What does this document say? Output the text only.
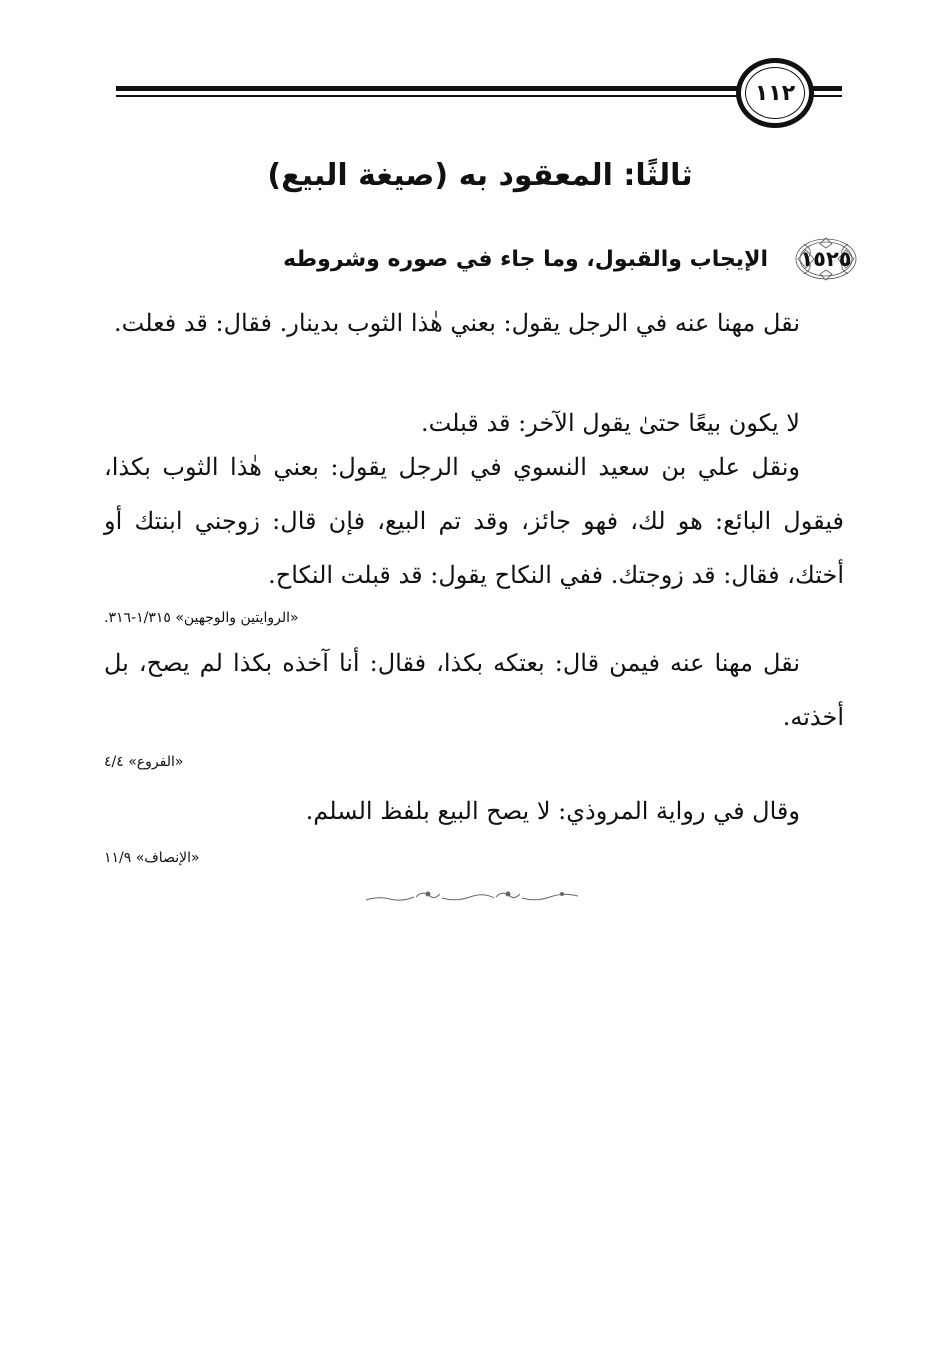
١١٢
ثالثًا: المعقود به (صيغة البيع)
١٥٢٥
الإيجاب والقبول، وما جاء في صوره وشروطه

نقل مهنا عنه في الرجل يقول: بعني هٰذا الثوب بدينار. فقال: قد فعلت.

لا يكون بيعًا حتىٰ يقول الآخر: قد قبلت.

ونقل علي بن سعيد النسوي في الرجل يقول: بعني هٰذا الثوب بكذا، فيقول البائع: هو لك، فهو جائز، وقد تم البيع، فإن قال: زوجني ابنتك أو أختك، فقال: قد زوجتك. ففي النكاح يقول: قد قبلت النكاح.

«الروايتين والوجهين» ١/٣١٥-٣١٦.

نقل مهنا عنه فيمن قال: بعتكه بكذا، فقال: أنا آخذه بكذا لم يصح، بل أخذته.

«الفروع» ٤/٤

وقال في رواية المروذي: لا يصح البيع بلفظ السلم.

«الإنصاف» ١١/٩
